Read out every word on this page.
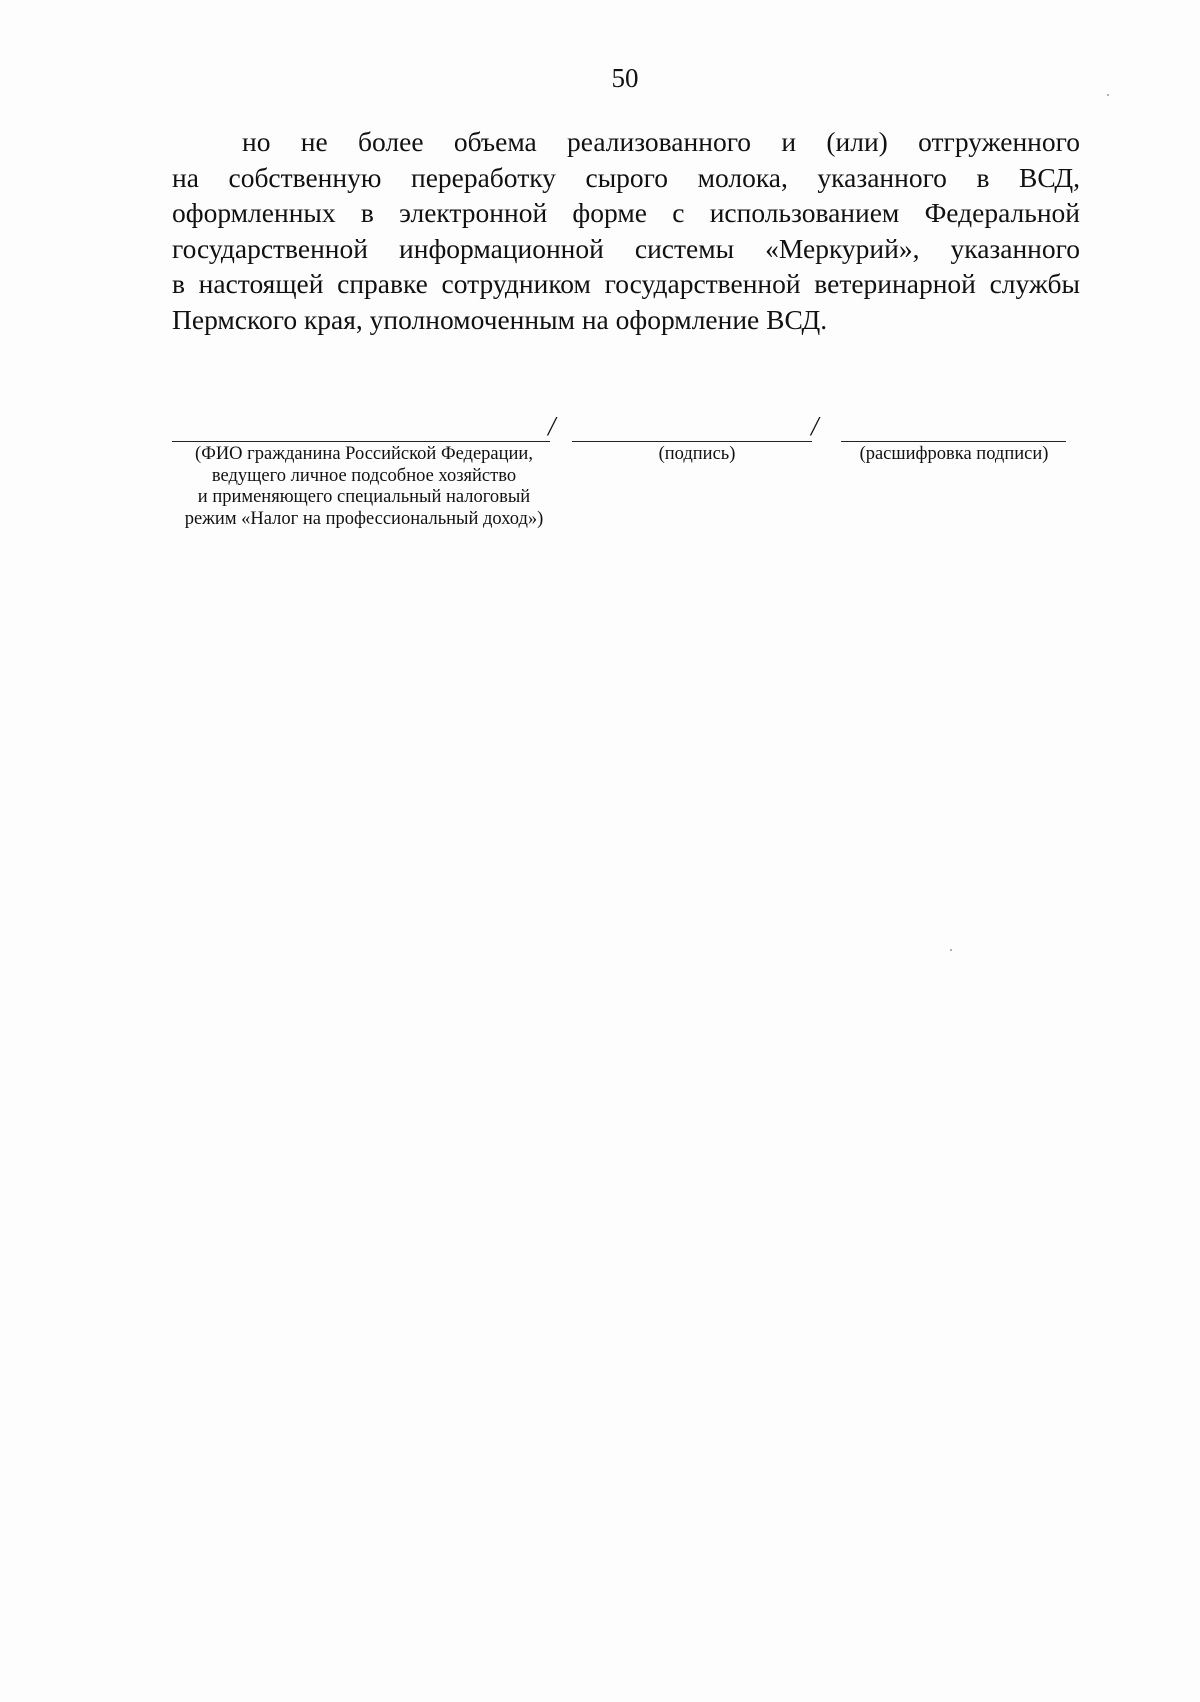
50
но не более объема реализованного и (или) отгруженного
на собственную переработку сырого молока, указанного в ВСД,
оформленных в электронной форме с использованием Федеральной
государственной информационной системы «Меркурий», указанного
в настоящей справке сотрудником государственной ветеринарной службы
Пермского края, уполномоченным на оформление ВСД.
/	/
(ФИО гражданина Российской Федерации,
ведущего личное подсобное хозяйство
и применяющего специальный налоговый
режим «Налог на профессиональный доход»)
(подпись)	(расшифровка подписи)
